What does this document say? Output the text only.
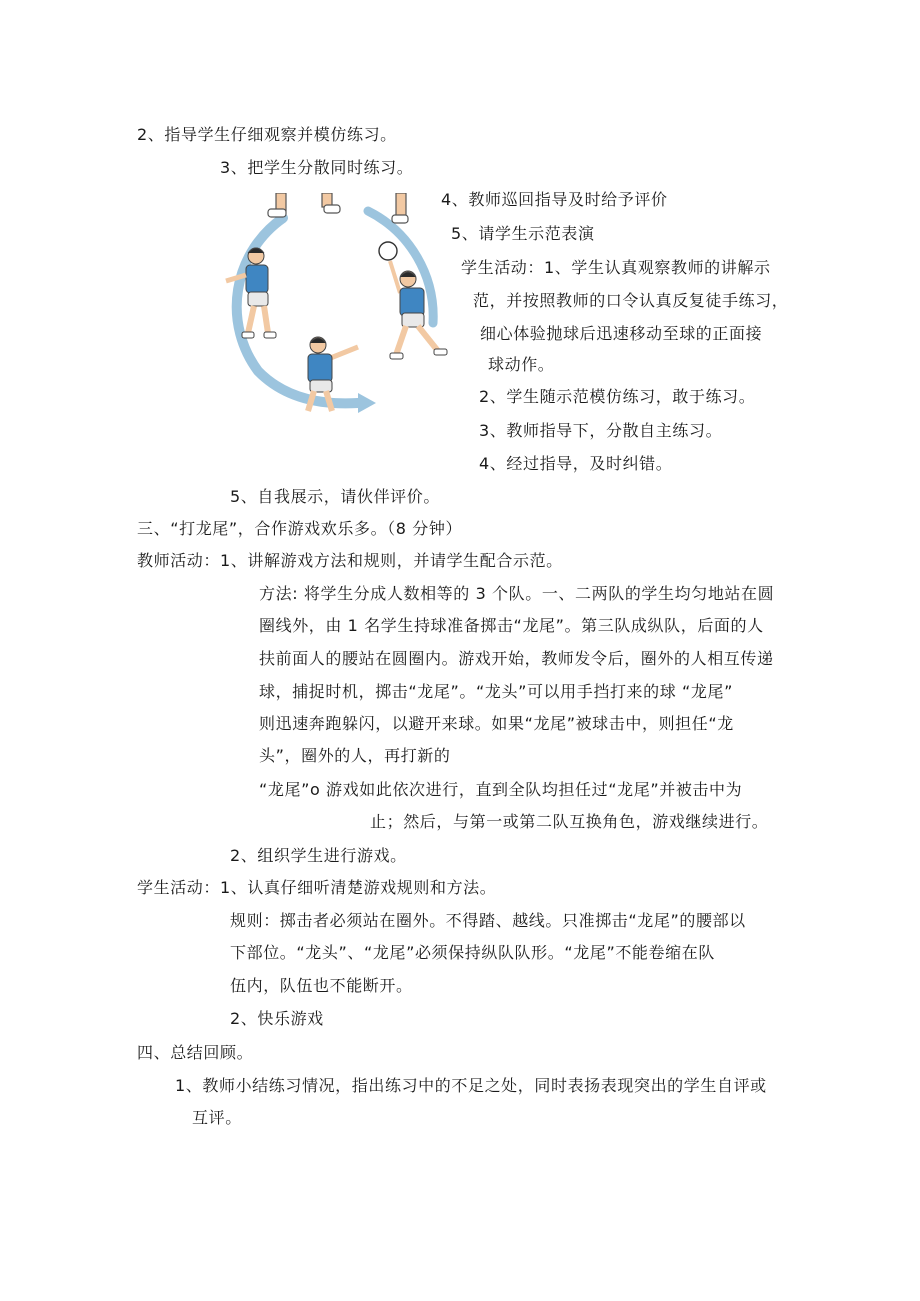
2、指导学生仔细观察并模仿练习。
3、把学生分散同时练习。
4、教师巡回指导及时给予评价
5、请学生示范表演
学生活动：1、学生认真观察教师的讲解示
范，并按照教师的口令认真反复徒手练习，
细心体验抛球后迅速移动至球的正面接
球动作。
2、学生随示范模仿练习，敢于练习。
3、教师指导下，分散自主练习。
4、经过指导，及时纠错。
5、自我展示，请伙伴评价。
三、“打龙尾”，合作游戏欢乐多。（8 分钟）
教师活动：1、讲解游戏方法和规则，并请学生配合示范。
方法: 将学生分成人数相等的 3 个队。一、二两队的学生均匀地站在圆
圈线外，由 1 名学生持球准备掷击“龙尾”。第三队成纵队，后面的人
扶前面人的腰站在圆圈内。游戏开始，教师发令后，圈外的人相互传递
球，捕捉时机，掷击“龙尾”。“龙头”可以用手挡打来的球 “龙尾”
则迅速奔跑躲闪，以避开来球。如果“龙尾”被球击中，则担任“龙
头”，圈外的人，再打新的
“龙尾”o 游戏如此依次进行，直到全队均担任过“龙尾”并被击中为
止；然后，与第一或第二队互换角色，游戏继续进行。
2、组织学生进行游戏。
学生活动：1、认真仔细听清楚游戏规则和方法。
规则：掷击者必须站在圈外。不得踏、越线。只准掷击“龙尾”的腰部以
下部位。“龙头”、“龙尾”必须保持纵队队形。“龙尾”不能卷缩在队
伍内，队伍也不能断开。
2、快乐游戏
四、总结回顾。
1、教师小结练习情况，指出练习中的不足之处，同时表扬表现突出的学生自评或
互评。
